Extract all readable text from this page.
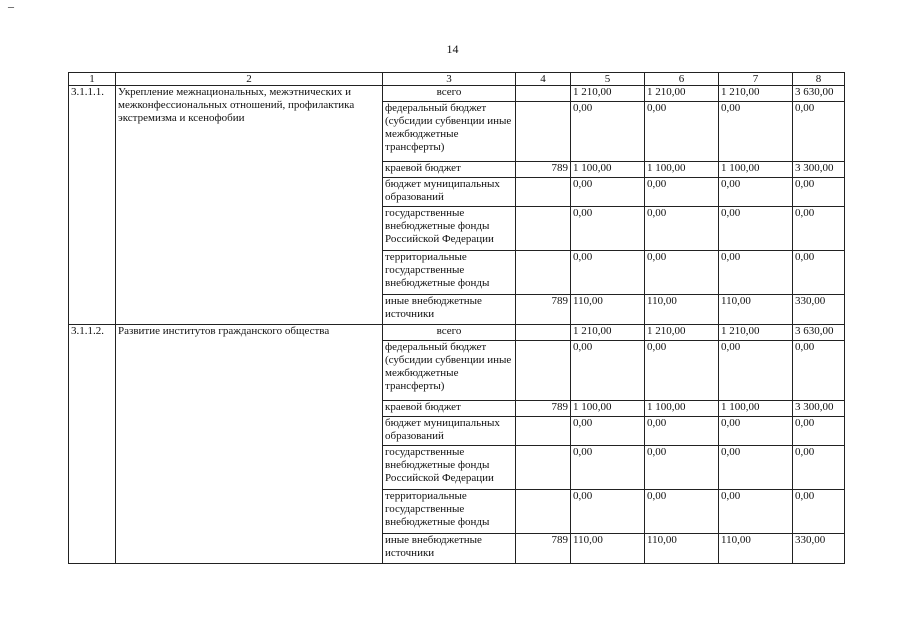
–
14
1	2	3	4	5	6	7	8
3.1.1.1.	Укрепление межнациональных, межэтнических и межконфессиональных отношений, профилактика экстремизма и ксенофобии	всего		1 210,00	1 210,00	1 210,00	3 630,00
		федеральный бюджет (субсидии субвенции иные межбюджетные трансферты)		0,00	0,00	0,00	0,00
		краевой бюджет	789	1 100,00	1 100,00	1 100,00	3 300,00
		бюджет муниципальных образований		0,00	0,00	0,00	0,00
		государственные внебюджетные фонды Российской Федерации		0,00	0,00	0,00	0,00
		территориальные государственные внебюджетные фонды		0,00	0,00	0,00	0,00
		иные внебюджетные источники	789	110,00	110,00	110,00	330,00
3.1.1.2.	Развитие институтов гражданского общества	всего		1 210,00	1 210,00	1 210,00	3 630,00
		федеральный бюджет (субсидии субвенции иные межбюджетные трансферты)		0,00	0,00	0,00	0,00
		краевой бюджет	789	1 100,00	1 100,00	1 100,00	3 300,00
		бюджет муниципальных образований		0,00	0,00	0,00	0,00
		государственные внебюджетные фонды Российской Федерации		0,00	0,00	0,00	0,00
		территориальные государственные внебюджетные фонды		0,00	0,00	0,00	0,00
		иные внебюджетные источники	789	110,00	110,00	110,00	330,00
